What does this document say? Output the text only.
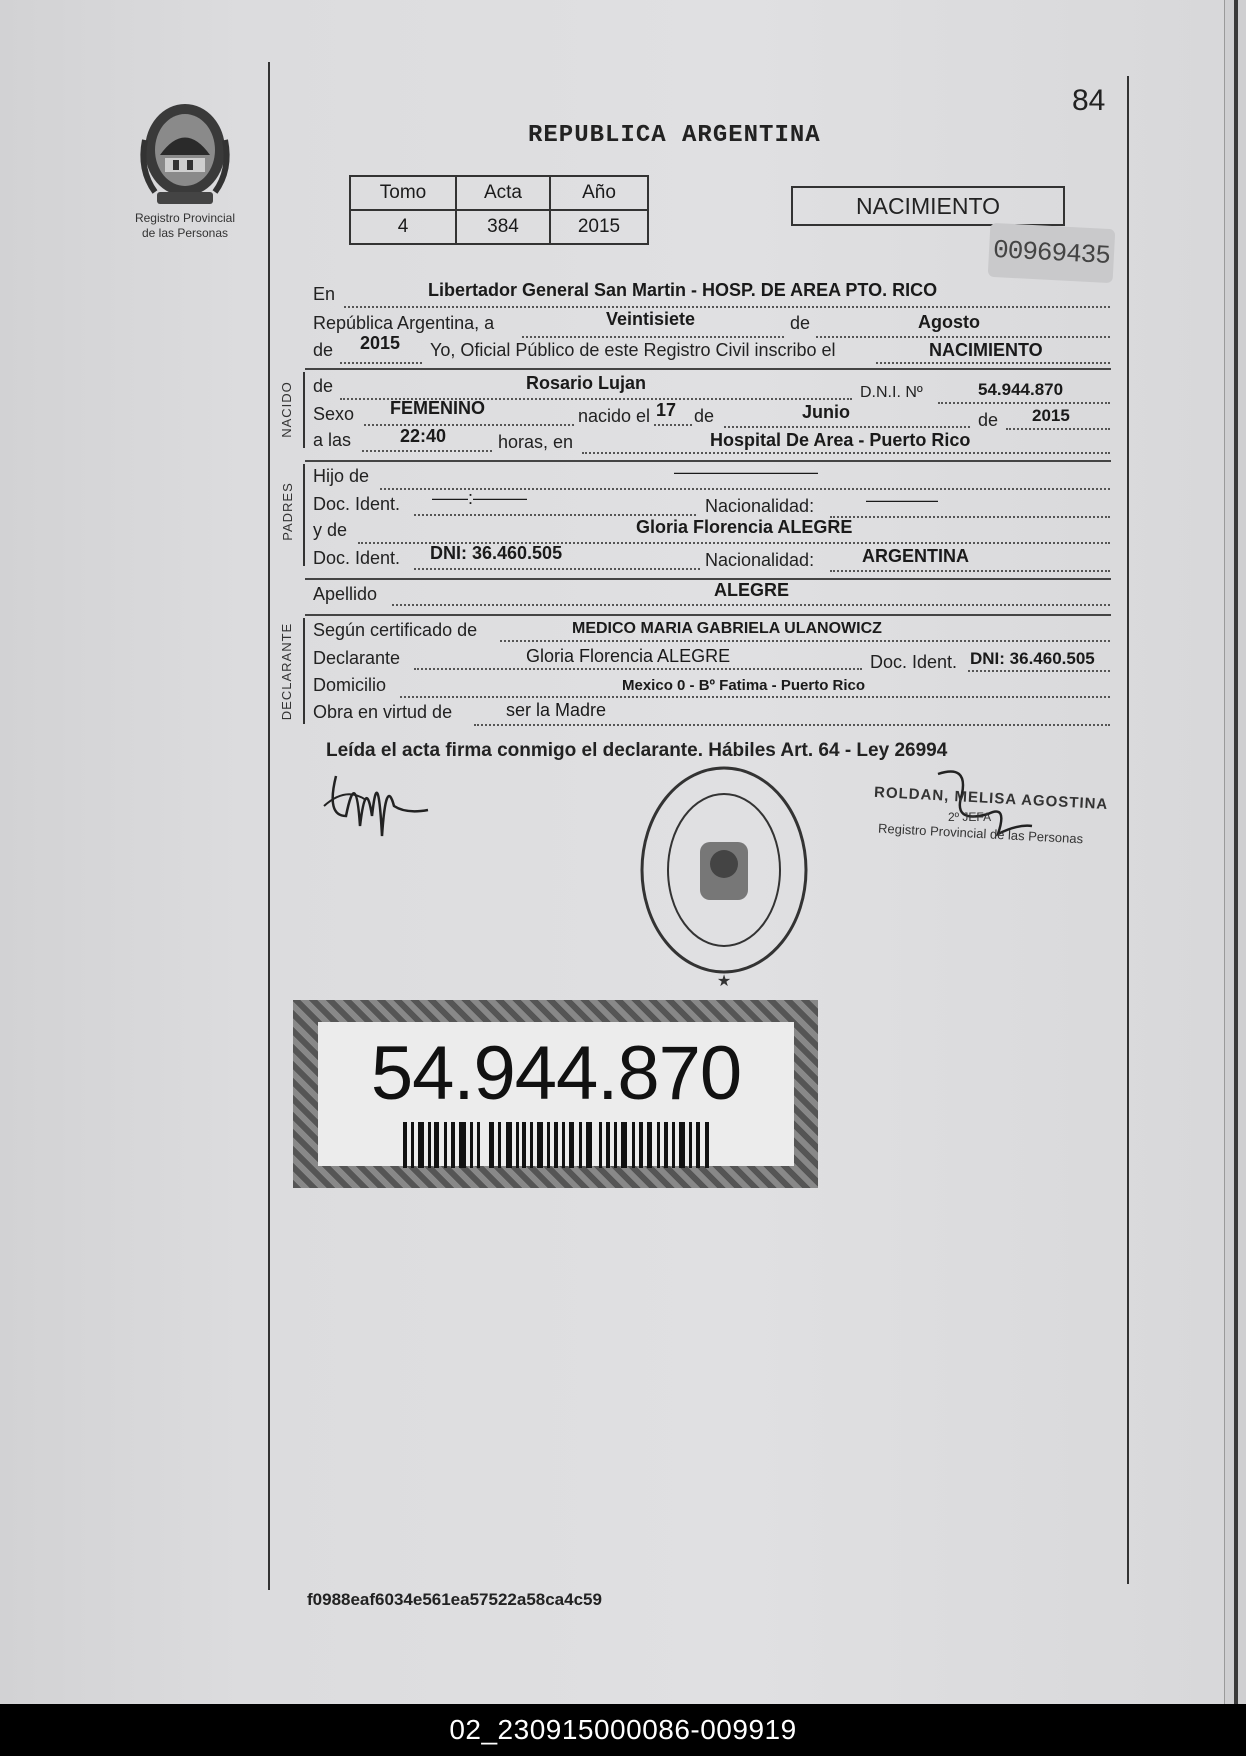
Registro Provincial
de las Personas
84
REPUBLICA ARGENTINA
Tomo	Acta	Año
4	384	2015
NACIMIENTO
00969435
En	Libertador General San Martin - HOSP. DE AREA PTO. RICO
República Argentina, a	Veintisiete	de	Agosto
de 2015 Yo, Oficial Público de este Registro Civil inscribo el	NACIMIENTO
NACIDO de	Rosario Lujan	D.N.I. Nº	54.944.870
Sexo FEMENINO	nacido el 17 de	Junio	de 2015
a las	22:40	horas, en	Hospital De Area - Puerto Rico
PADRES
Hijo de	————————
Doc. Ident. ——:———	Nacionalidad:	————
y de	Gloria Florencia ALEGRE
Doc. Ident. DNI: 36.460.505	Nacionalidad:	ARGENTINA
Apellido	ALEGRE
DECLARANTE Según certificado de	MEDICO MARIA GABRIELA ULANOWICZ
Declarante	Gloria Florencia ALEGRE	Doc. Ident. DNI: 36.460.505
Domicilio	Mexico 0 - Bº Fatima - Puerto Rico
Obra en virtud de	ser la Madre
Leída el acta firma conmigo el declarante. Hábiles Art. 64 - Ley 26994
★
ROLDAN, MELISA AGOSTINA
Registro Provincial de las Personas
2º JEFA
54.944.870
f0988eaf6034e561ea57522a58ca4c59
02_230915000086-009919
